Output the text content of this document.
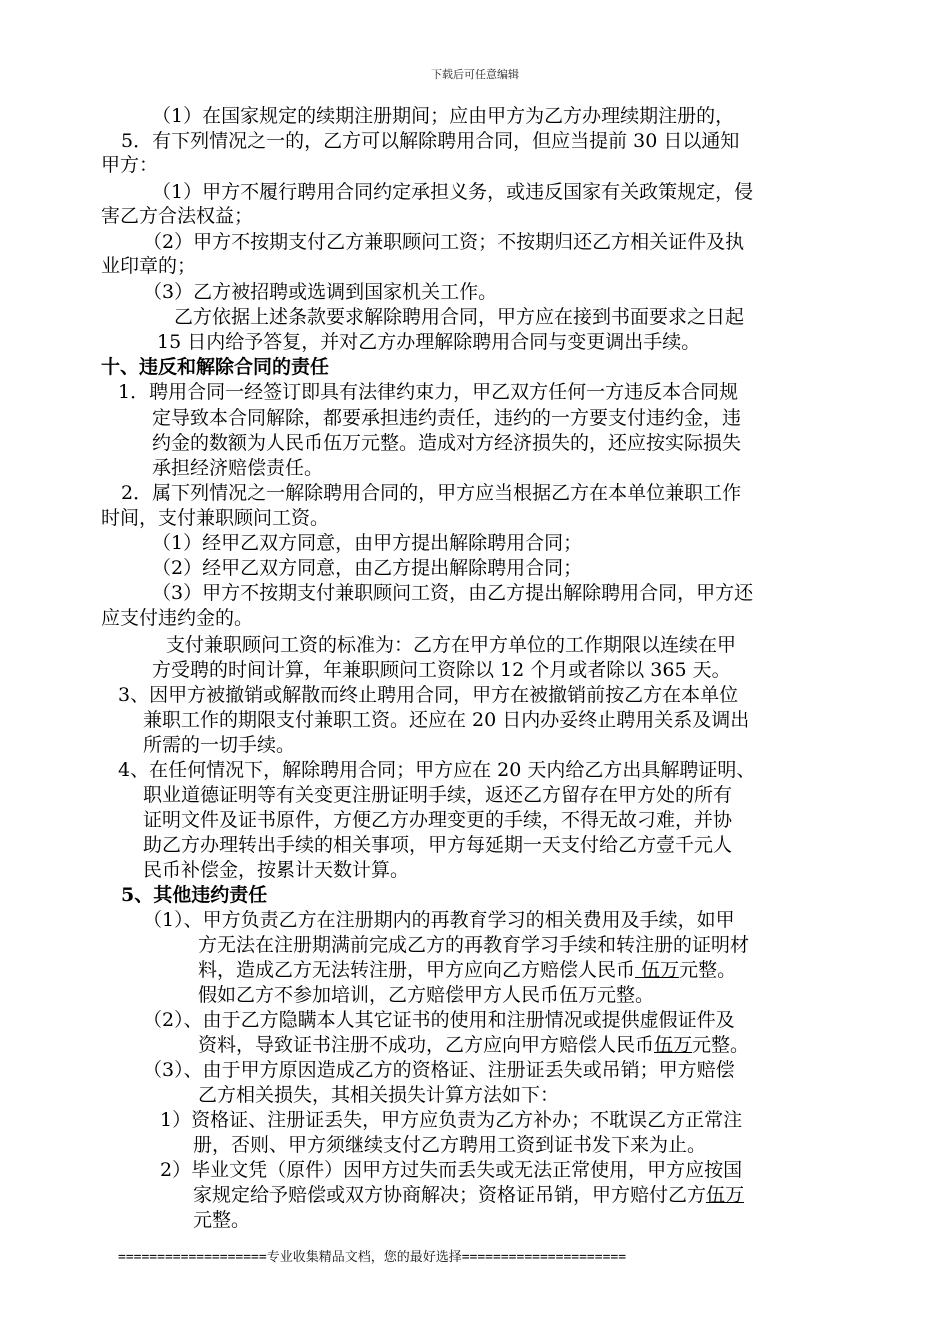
下载后可任意编辑
（1）在国家规定的续期注册期间；应由甲方为乙方办理续期注册的，
5．有下列情况之一的，乙方可以解除聘用合同，但应当提前 30 日以通知
甲方：
（1）甲方不履行聘用合同约定承担义务，或违反国家有关政策规定，侵
害乙方合法权益；
（2）甲方不按期支付乙方兼职顾问工资；不按期归还乙方相关证件及执
业印章的；
（3）乙方被招聘或选调到国家机关工作。
乙方依据上述条款要求解除聘用合同，甲方应在接到书面要求之日起
15 日内给予答复，并对乙方办理解除聘用合同与变更调出手续。
十、违反和解除合同的责任
1．聘用合同一经签订即具有法律约束力，甲乙双方任何一方违反本合同规
定导致本合同解除，都要承担违约责任，违约的一方要支付违约金，违
约金的数额为人民币伍万元整。造成对方经济损失的，还应按实际损失
承担经济赔偿责任。
2．属下列情况之一解除聘用合同的，甲方应当根据乙方在本单位兼职工作
时间，支付兼职顾问工资。
（1）经甲乙双方同意，由甲方提出解除聘用合同；
（2）经甲乙双方同意，由乙方提出解除聘用合同；
（3）甲方不按期支付兼职顾问工资，由乙方提出解除聘用合同，甲方还
应支付违约金的。
支付兼职顾问工资的标准为：乙方在甲方单位的工作期限以连续在甲
方受聘的时间计算，年兼职顾问工资除以 12 个月或者除以 365 天。
3、因甲方被撤销或解散而终止聘用合同，甲方在被撤销前按乙方在本单位
兼职工作的期限支付兼职工资。还应在 20 日内办妥终止聘用关系及调出
所需的一切手续。
4、在任何情况下，解除聘用合同；甲方应在 20 天内给乙方出具解聘证明、
职业道德证明等有关变更注册证明手续，返还乙方留存在甲方处的所有
证明文件及证书原件，方便乙方办理变更的手续，不得无故刁难，并协
助乙方办理转出手续的相关事项，甲方每延期一天支付给乙方壹千元人
民币补偿金，按累计天数计算。
5、其他违约责任
（1）、甲方负责乙方在注册期内的再教育学习的相关费用及手续，如甲
方无法在注册期满前完成乙方的再教育学习手续和转注册的证明材
料，造成乙方无法转注册，甲方应向乙方赔偿人民币 伍万元整。
假如乙方不参加培训，乙方赔偿甲方人民币伍万元整。
（2）、由于乙方隐瞒本人其它证书的使用和注册情况或提供虚假证件及
资料，导致证书注册不成功，乙方应向甲方赔偿人民币伍万元整。
（3）、由于甲方原因造成乙方的资格证、注册证丢失或吊销；甲方赔偿
乙方相关损失，其相关损失计算方法如下：
1）资格证、注册证丢失，甲方应负责为乙方补办；不耽误乙方正常注
册，否则、甲方须继续支付乙方聘用工资到证书发下来为止。
2）毕业文凭（原件）因甲方过失而丢失或无法正常使用，甲方应按国
家规定给予赔偿或双方协商解决；资格证吊销，甲方赔付乙方伍万
元整。
===================专业收集精品文档，您的最好选择=====================
